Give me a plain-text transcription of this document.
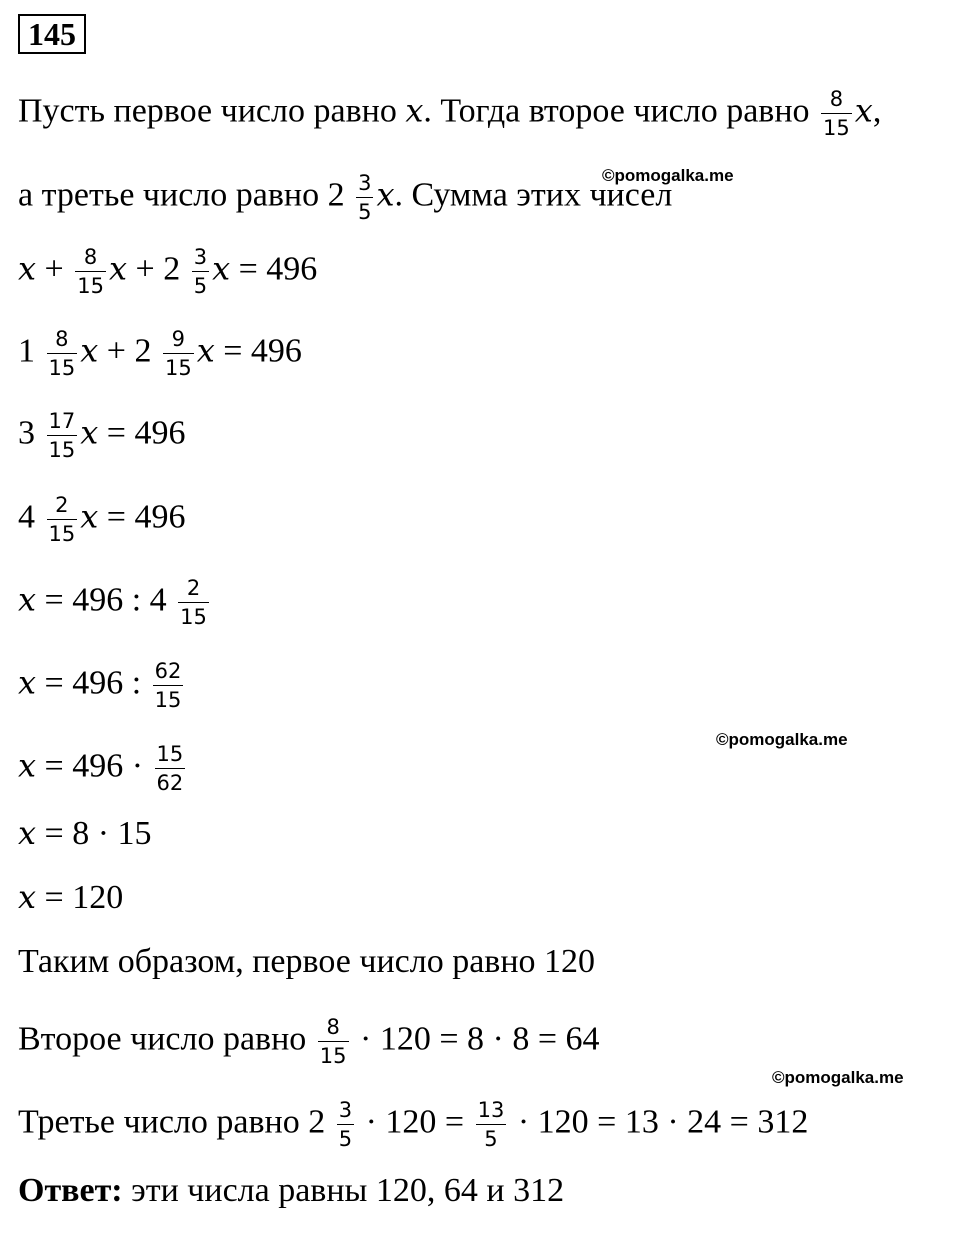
145
Пусть первое число равно x. Тогда второе число равно $\frac{8}{15} x$,
а третье число равно $2 \frac{3}{5} x$. Сумма этих чисел
©pomogalka.me
$x + \frac{8}{15}$ $x + 2 \frac{3}{5}$ x = 496
$1 \frac{8}{15}$ $x + 2 \frac{9}{15}$ x = 496
$3 \frac{17}{15}$ x = 496
$4 \frac{2}{15}$ x = 496
x = 496 : $4 \frac{2}{15}$
x = 496 : $\frac{62}{15}$
$x = 496 \cdot \frac{15}{62}$
©pomogalka.me
x = 8 · 15
x = 120
Таким образом, первое число равно 120
Второе число равно $\frac{8}{15} \cdot 120 = 8 \cdot 8 = 64$
©pomogalka.me
Третье число равно $2 \frac{3}{5} \cdot 120 = \frac{13}{5} \cdot 120 = 13 \cdot 24 = 312$
Ответ: эти числа равны 120, 64 и 312
